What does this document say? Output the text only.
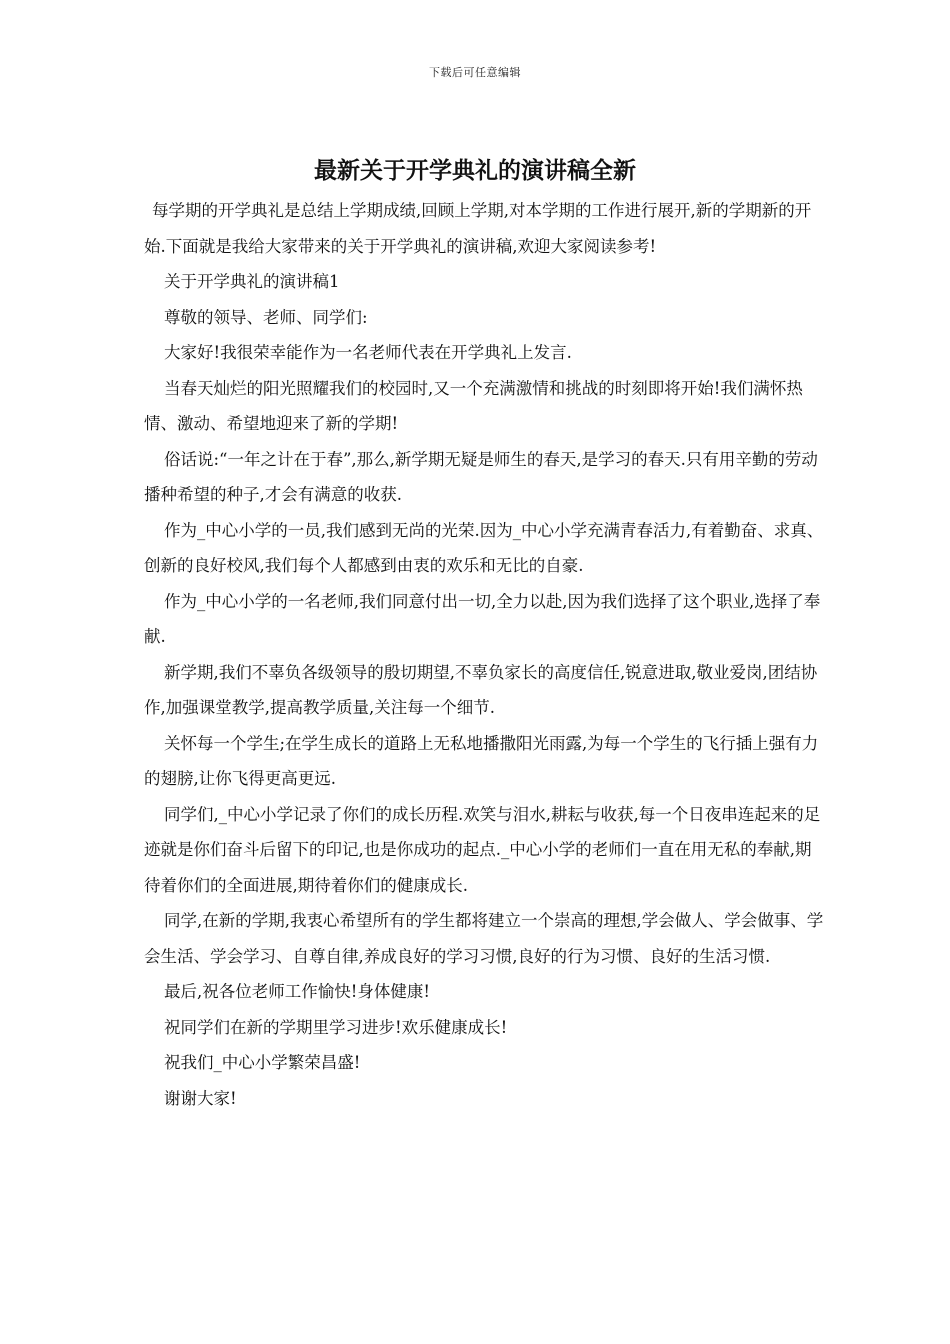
下载后可任意编辑
最新关于开学典礼的演讲稿全新

每学期的开学典礼是总结上学期成绩,回顾上学期,对本学期的工作进行展开,新的学期新的开始.下面就是我给大家带来的关于开学典礼的演讲稿,欢迎大家阅读参考!

关于开学典礼的演讲稿1

尊敬的领导、老师、同学们:

大家好!我很荣幸能作为一名老师代表在开学典礼上发言.

当春天灿烂的阳光照耀我们的校园时,又一个充满激情和挑战的时刻即将开始!我们满怀热情、激动、希望地迎来了新的学期!

俗话说:“一年之计在于春”,那么,新学期无疑是师生的春天,是学习的春天.只有用辛勤的劳动播种希望的种子,才会有满意的收获.

作为_中心小学的一员,我们感到无尚的光荣.因为_中心小学充满青春活力,有着勤奋、求真、创新的良好校风,我们每个人都感到由衷的欢乐和无比的自豪.

作为_中心小学的一名老师,我们同意付出一切,全力以赴,因为我们选择了这个职业,选择了奉献.

新学期,我们不辜负各级领导的殷切期望,不辜负家长的高度信任,锐意进取,敬业爱岗,团结协作,加强课堂教学,提高教学质量,关注每一个细节.

关怀每一个学生;在学生成长的道路上无私地播撒阳光雨露,为每一个学生的飞行插上强有力的翅膀,让你飞得更高更远.

同学们,_中心小学记录了你们的成长历程.欢笑与泪水,耕耘与收获,每一个日夜串连起来的足迹就是你们奋斗后留下的印记,也是你成功的起点._中心小学的老师们一直在用无私的奉献,期待着你们的全面进展,期待着你们的健康成长.

同学,在新的学期,我衷心希望所有的学生都将建立一个崇高的理想,学会做人、学会做事、学会生活、学会学习、自尊自律,养成良好的学习习惯,良好的行为习惯、良好的生活习惯.

最后,祝各位老师工作愉快!身体健康!

祝同学们在新的学期里学习进步!欢乐健康成长!

祝我们_中心小学繁荣昌盛!

谢谢大家!
